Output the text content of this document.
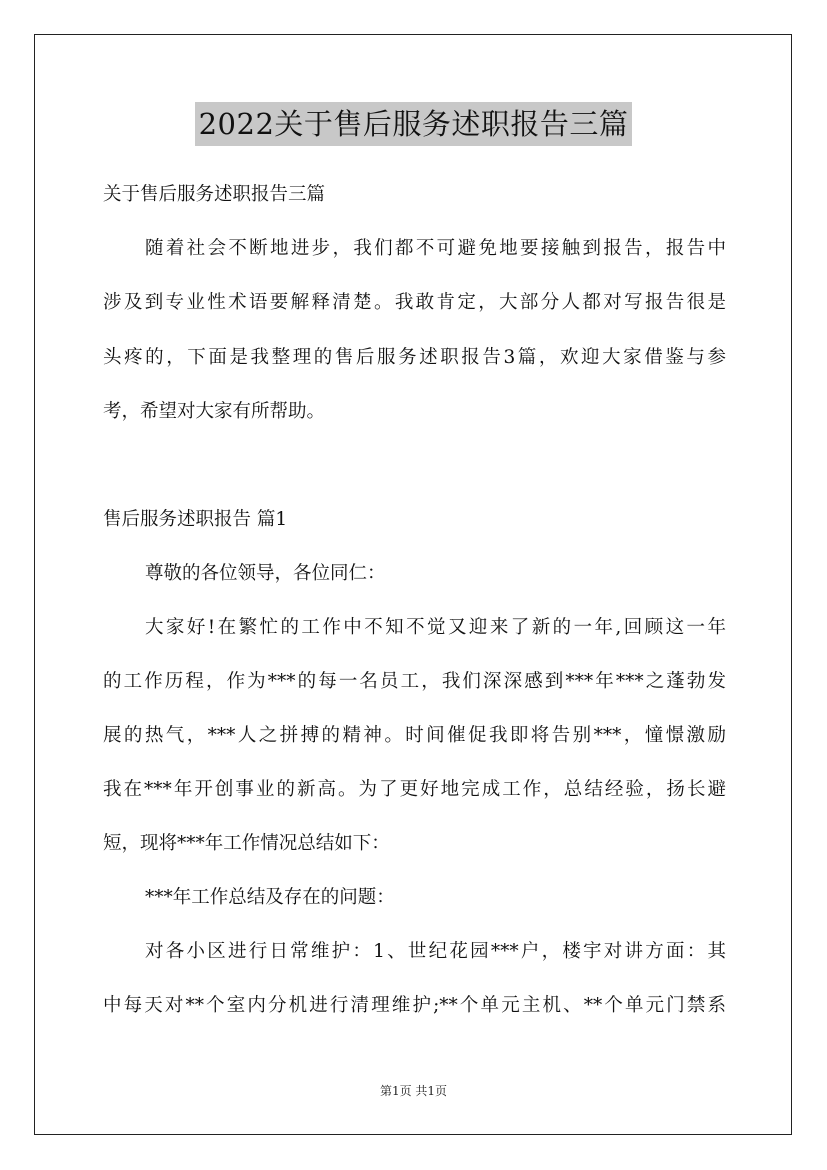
2022关于售后服务述职报告三篇
关于售后服务述职报告三篇
随着社会不断地进步，我们都不可避免地要接触到报告，报告中
涉及到专业性术语要解释清楚。我敢肯定，大部分人都对写报告很是
头疼的，下面是我整理的售后服务述职报告3篇，欢迎大家借鉴与参
考，希望对大家有所帮助。
售后服务述职报告 篇1
尊敬的各位领导，各位同仁：
大家好!在繁忙的工作中不知不觉又迎来了新的一年,回顾这一年
的工作历程，作为***的每一名员工，我们深深感到***年***之蓬勃发
展的热气，***人之拼搏的精神。时间催促我即将告别***，憧憬激励
我在***年开创事业的新高。为了更好地完成工作，总结经验，扬长避
短，现将***年工作情况总结如下：
***年工作总结及存在的问题：
对各小区进行日常维护：1、世纪花园***户，楼宇对讲方面：其
中每天对**个室内分机进行清理维护;**个单元主机、**个单元门禁系
第1页 共1页
